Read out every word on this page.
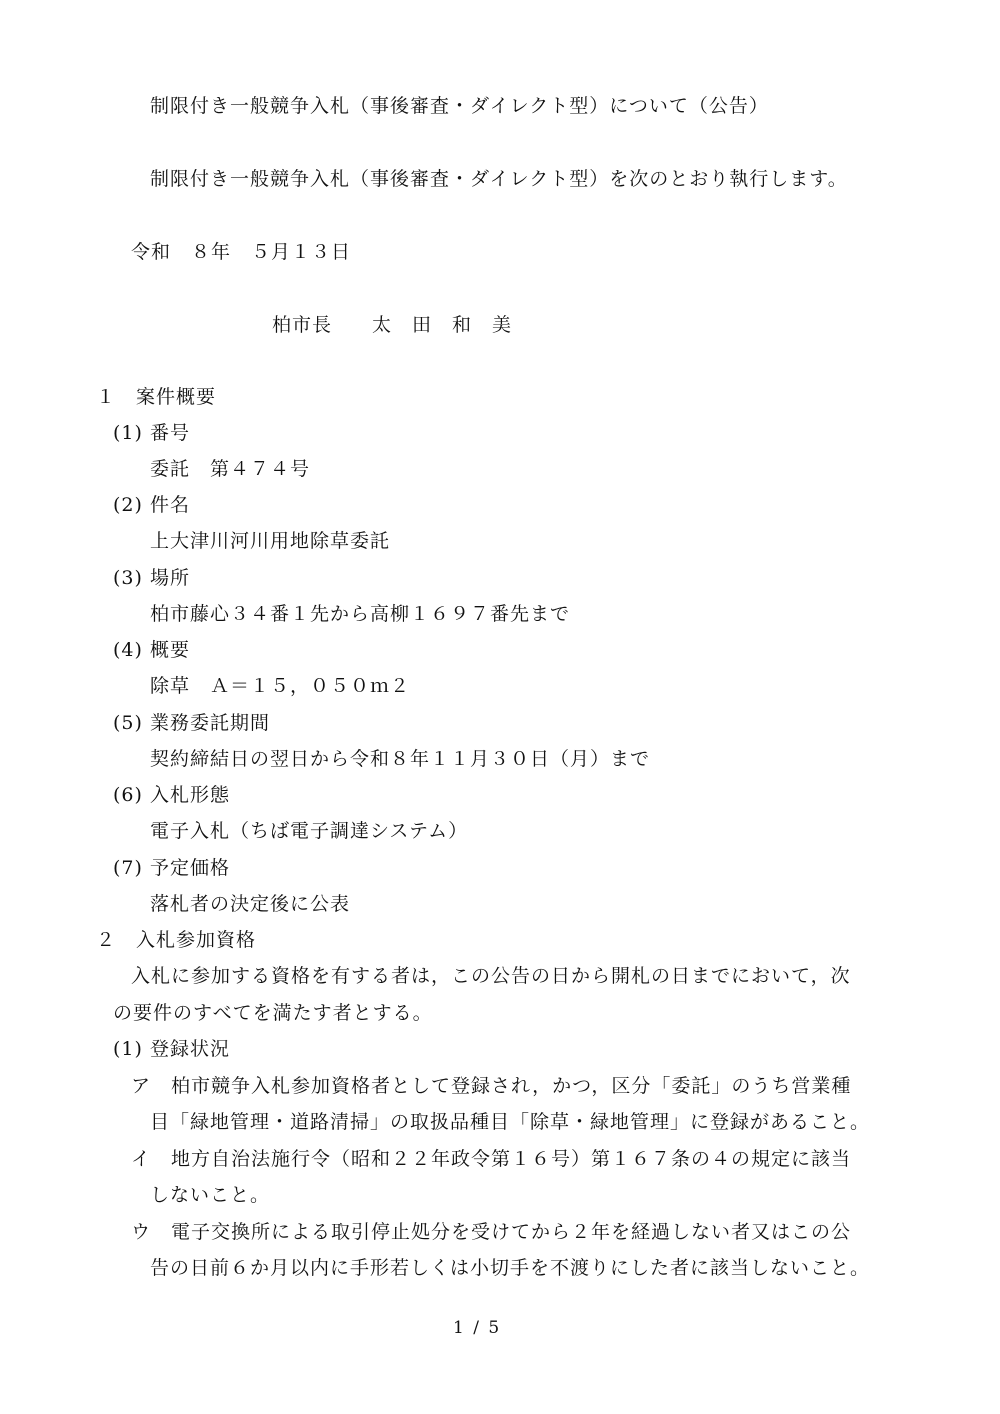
制限付き一般競争入札（事後審査・ダイレクト型）について（公告）
制限付き一般競争入札（事後審査・ダイレクト型）を次のとおり執行します。
令和　８年　５月１３日
柏市長　　太　田　和　美
１　案件概要
(1) 番号
委託　第４７４号
(2) 件名
上大津川河川用地除草委託
(3) 場所
柏市藤心３４番１先から高柳１６９７番先まで
(4) 概要
除草　Ａ＝１５，０５０ｍ２
(5) 業務委託期間
契約締結日の翌日から令和８年１１月３０日（月）まで
(6) 入札形態
電子入札（ちば電子調達システム）
(7) 予定価格
落札者の決定後に公表
２　入札参加資格
入札に参加する資格を有する者は，この公告の日から開札の日までにおいて，次
の要件のすべてを満たす者とする。
(1) 登録状況
ア　柏市競争入札参加資格者として登録され，かつ，区分「委託」のうち営業種
目「緑地管理・道路清掃」の取扱品種目「除草・緑地管理」に登録があること。
イ　地方自治法施行令（昭和２２年政令第１６号）第１６７条の４の規定に該当
しないこと。
ウ　電子交換所による取引停止処分を受けてから２年を経過しない者又はこの公
告の日前６か月以内に手形若しくは小切手を不渡りにした者に該当しないこと。
1 / 5
